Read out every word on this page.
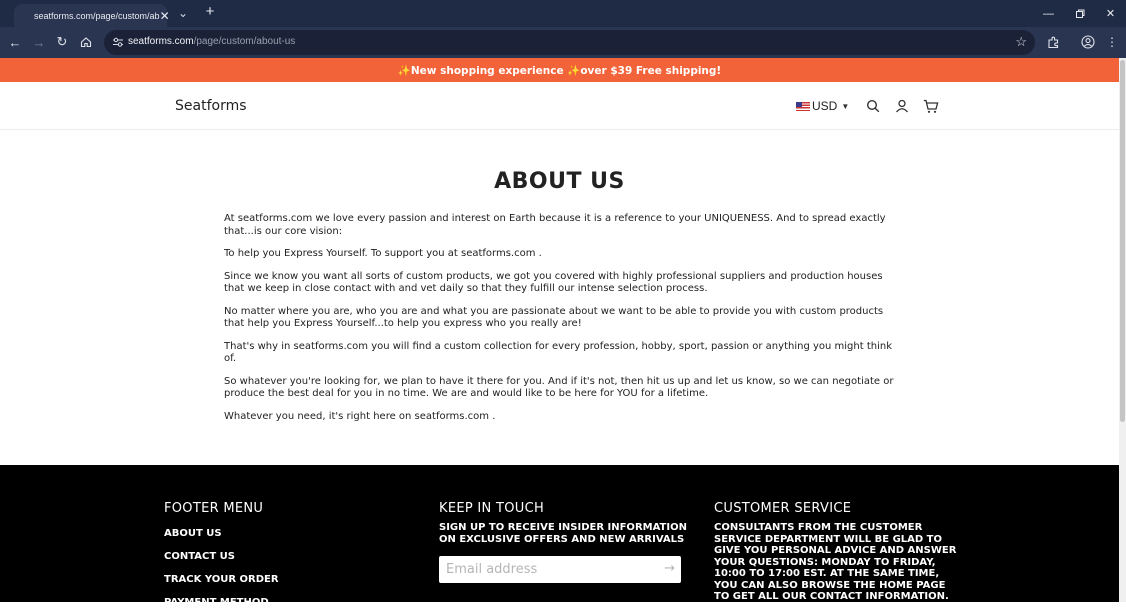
seatforms.com/page/custom/ab ✕ ⌄ +	—	✕
← → ↻	seatforms.com/page/custom/about-us	☆	⋮
✨New shopping experience ✨over $39 Free shipping!
Seatforms	USD ▼
ABOUT US

At seatforms.com we love every passion and interest on Earth because it is a reference to your UNIQUENESS. And to spread exactly that...is our core vision:

To help you Express Yourself. To support you at seatforms.com .

Since we know you want all sorts of custom products, we got you covered with highly professional suppliers and production houses that we keep in close contact with and vet daily so that they fulfill our intense selection process.

No matter where you are, who you are and what you are passionate about we want to be able to provide you with custom products that help you Express Yourself...to help you express who you really are!

That's why in seatforms.com you will find a custom collection for every profession, hobby, sport, passion or anything you might think of.

So whatever you're looking for, we plan to have it there for you. And if it's not, then hit us up and let us know, so we can negotiate or produce the best deal for you in no time. We are and would like to be here for YOU for a lifetime.

Whatever you need, it's right here on seatforms.com .

FOOTER MENU
ABOUT US
CONTACT US
TRACK YOUR ORDER
PAYMENT METHOD
KEEP IN TOUCH
SIGN UP TO RECEIVE INSIDER INFORMATION ON EXCLUSIVE OFFERS AND NEW ARRIVALS
Email address
→
CUSTOMER SERVICE
CONSULTANTS FROM THE CUSTOMER SERVICE DEPARTMENT WILL BE GLAD TO GIVE YOU PERSONAL ADVICE AND ANSWER YOUR QUESTIONS: MONDAY TO FRIDAY, 10:00 TO 17:00 EST. AT THE SAME TIME, YOU CAN ALSO BROWSE THE HOME PAGE TO GET ALL OUR CONTACT INFORMATION.
